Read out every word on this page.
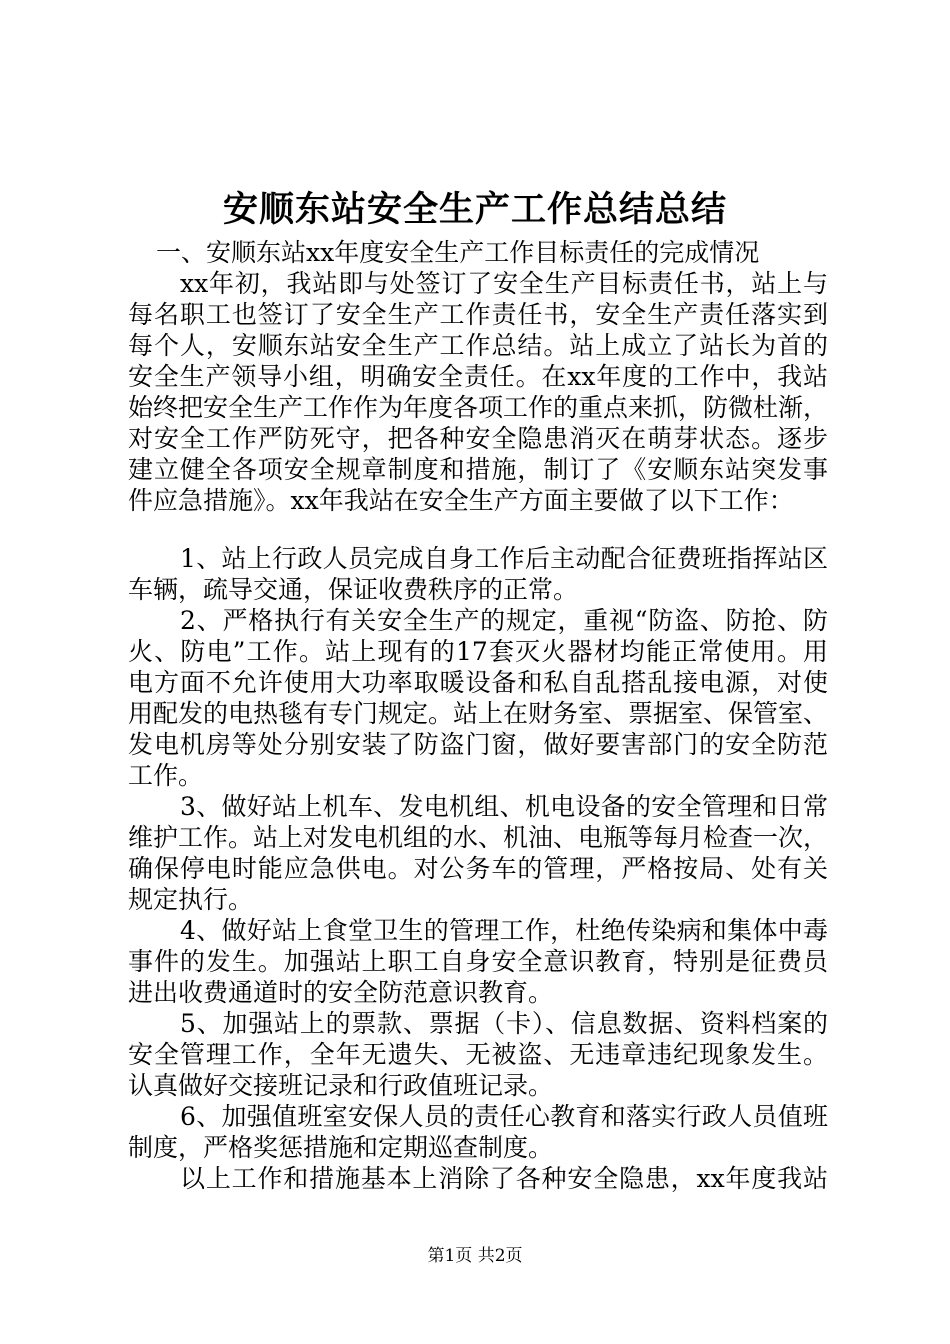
安顺东站安全生产工作总结总结
一、安顺东站xx年度安全生产工作目标责任的完成情况
xx年初，我站即与处签订了安全生产目标责任书，站上与
每名职工也签订了安全生产工作责任书，安全生产责任落实到
每个人，安顺东站安全生产工作总结。站上成立了站长为首的
安全生产领导小组，明确安全责任。在xx年度的工作中，我站
始终把安全生产工作作为年度各项工作的重点来抓，防微杜渐，
对安全工作严防死守，把各种安全隐患消灭在萌芽状态。逐步
建立健全各项安全规章制度和措施，制订了《安顺东站突发事
件应急措施》。xx年我站在安全生产方面主要做了以下工作：
1、站上行政人员完成自身工作后主动配合征费班指挥站区
车辆，疏导交通，保证收费秩序的正常。
2、严格执行有关安全生产的规定，重视“防盗、防抢、防
火、防电”工作。站上现有的17套灭火器材均能正常使用。用
电方面不允许使用大功率取暖设备和私自乱搭乱接电源，对使
用配发的电热毯有专门规定。站上在财务室、票据室、保管室、
发电机房等处分别安装了防盗门窗，做好要害部门的安全防范
工作。
3、做好站上机车、发电机组、机电设备的安全管理和日常
维护工作。站上对发电机组的水、机油、电瓶等每月检查一次，
确保停电时能应急供电。对公务车的管理，严格按局、处有关
规定执行。
4、做好站上食堂卫生的管理工作，杜绝传染病和集体中毒
事件的发生。加强站上职工自身安全意识教育，特别是征费员
进出收费通道时的安全防范意识教育。
5、加强站上的票款、票据（卡）、信息数据、资料档案的
安全管理工作，全年无遗失、无被盗、无违章违纪现象发生。
认真做好交接班记录和行政值班记录。
6、加强值班室安保人员的责任心教育和落实行政人员值班
制度，严格奖惩措施和定期巡查制度。
以上工作和措施基本上消除了各种安全隐患，xx年度我站
第1页 共2页
